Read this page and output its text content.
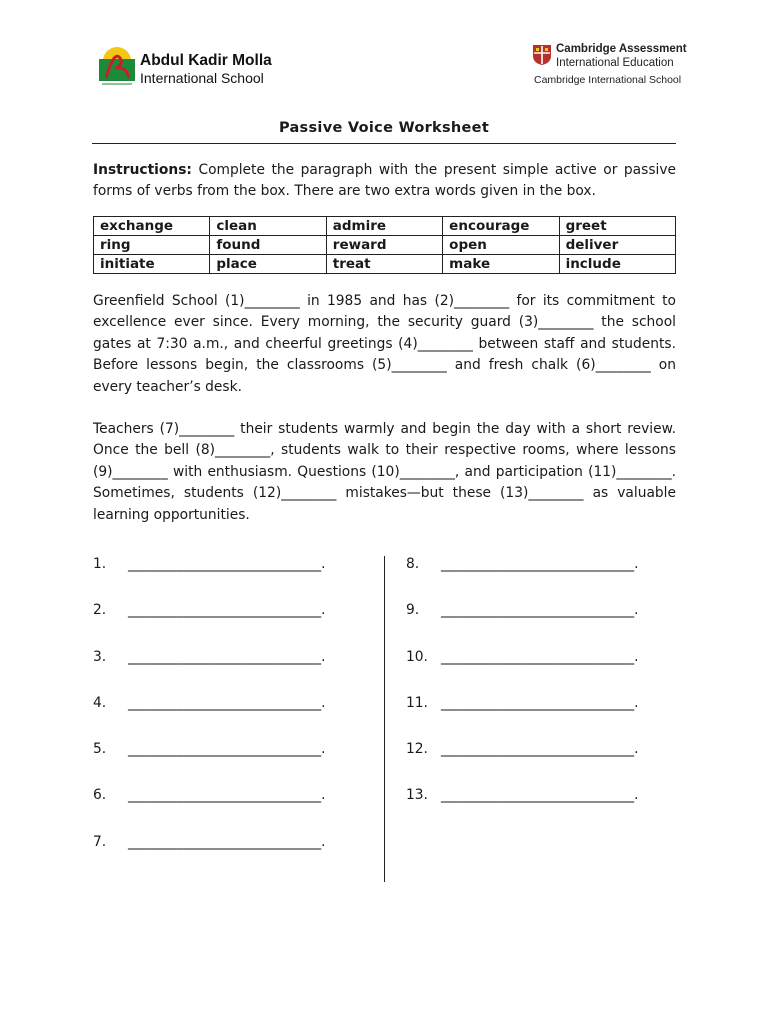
Abdul Kadir Molla
International School
Cambridge Assessment
International Education
Cambridge International School
Passive Voice Worksheet
Instructions: Complete the paragraph with the present simple active or passive forms of verbs from the box. There are two extra words given in the box.
exchange	clean	admire	encourage	greet
ring	found	reward	open	deliver
initiate	place	treat	make	include
Greenfield School (1)________ in 1985 and has (2)________ for its commitment to excellence ever since. Every morning, the security guard (3)________ the school gates at 7:30 a.m., and cheerful greetings (4)________ between staff and students. Before lessons begin, the classrooms (5)________ and fresh chalk (6)________ on every teacher’s desk.
Teachers (7)________ their students warmly and begin the day with a short review. Once the bell (8)________, students walk to their respective rooms, where lessons (9)________ with enthusiasm. Questions (10)________, and participation (11)________. Sometimes, students (12)________ mistakes—but these (13)________ as valuable learning opportunities.
1. ____________________________.
2. ____________________________.
3. ____________________________.
4. ____________________________.
5. ____________________________.
6. ____________________________.
7. ____________________________.
8. ____________________________.
9. ____________________________.
10. ____________________________.
11. ____________________________.
12. ____________________________.
13. ____________________________.
